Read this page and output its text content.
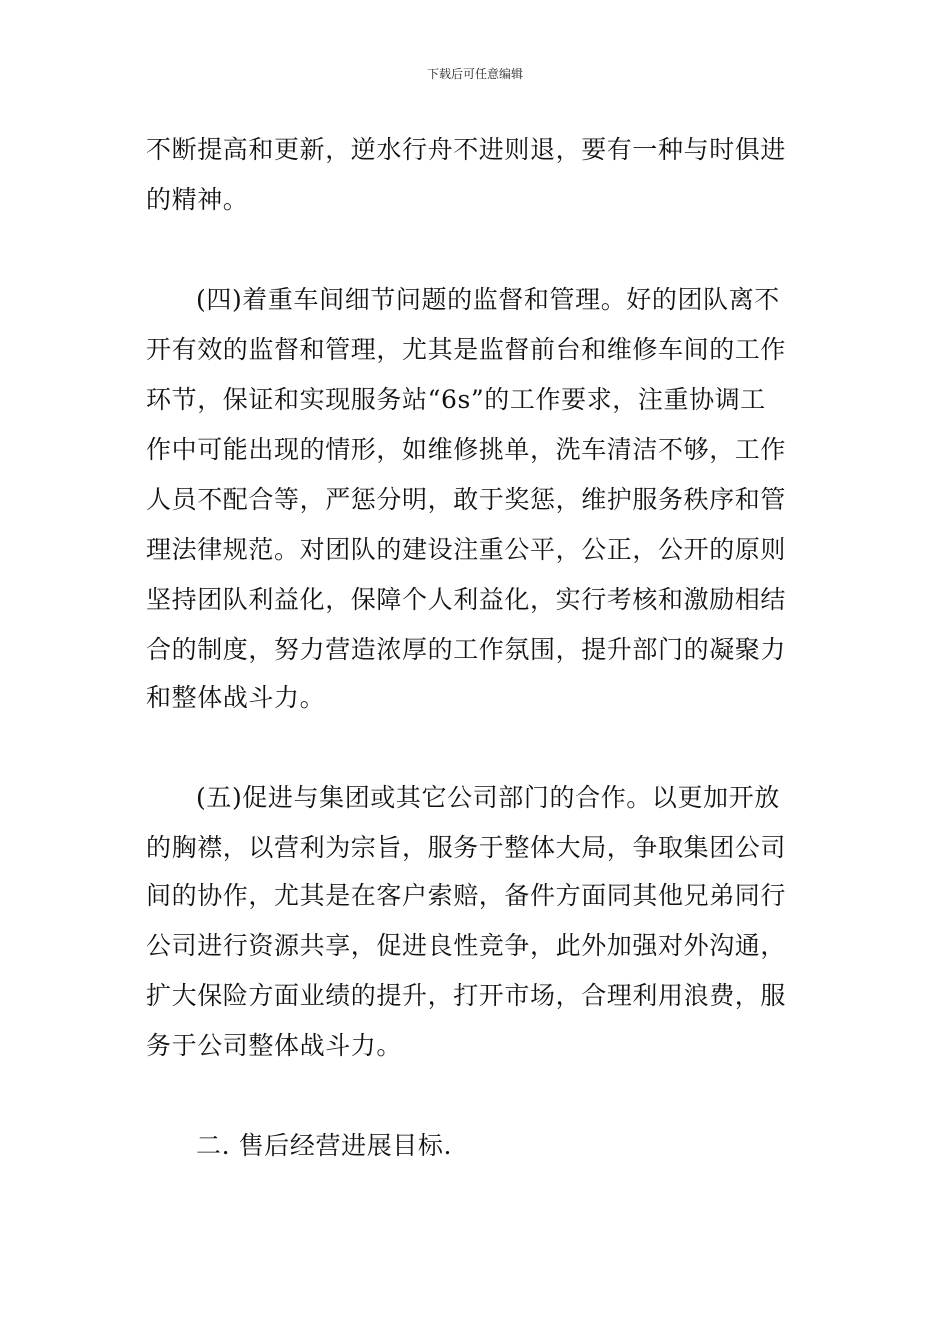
下载后可任意编辑
不断提高和更新，逆水行舟不进则退，要有一种与时俱进
的精神。
(四)着重车间细节问题的监督和管理。好的团队离不
开有效的监督和管理，尤其是监督前台和维修车间的工作
环节，保证和实现服务站“6s”的工作要求，注重协调工
作中可能出现的情形，如维修挑单，洗车清洁不够，工作
人员不配合等，严惩分明，敢于奖惩，维护服务秩序和管
理法律规范。对团队的建设注重公平，公正，公开的原则
坚持团队利益化，保障个人利益化，实行考核和激励相结
合的制度，努力营造浓厚的工作氛围，提升部门的凝聚力
和整体战斗力。
(五)促进与集团或其它公司部门的合作。以更加开放
的胸襟，以营利为宗旨，服务于整体大局，争取集团公司
间的协作，尤其是在客户索赔，备件方面同其他兄弟同行
公司进行资源共享，促进良性竞争，此外加强对外沟通，
扩大保险方面业绩的提升，打开市场，合理利用浪费，服
务于公司整体战斗力。
二. 售后经营进展目标.
